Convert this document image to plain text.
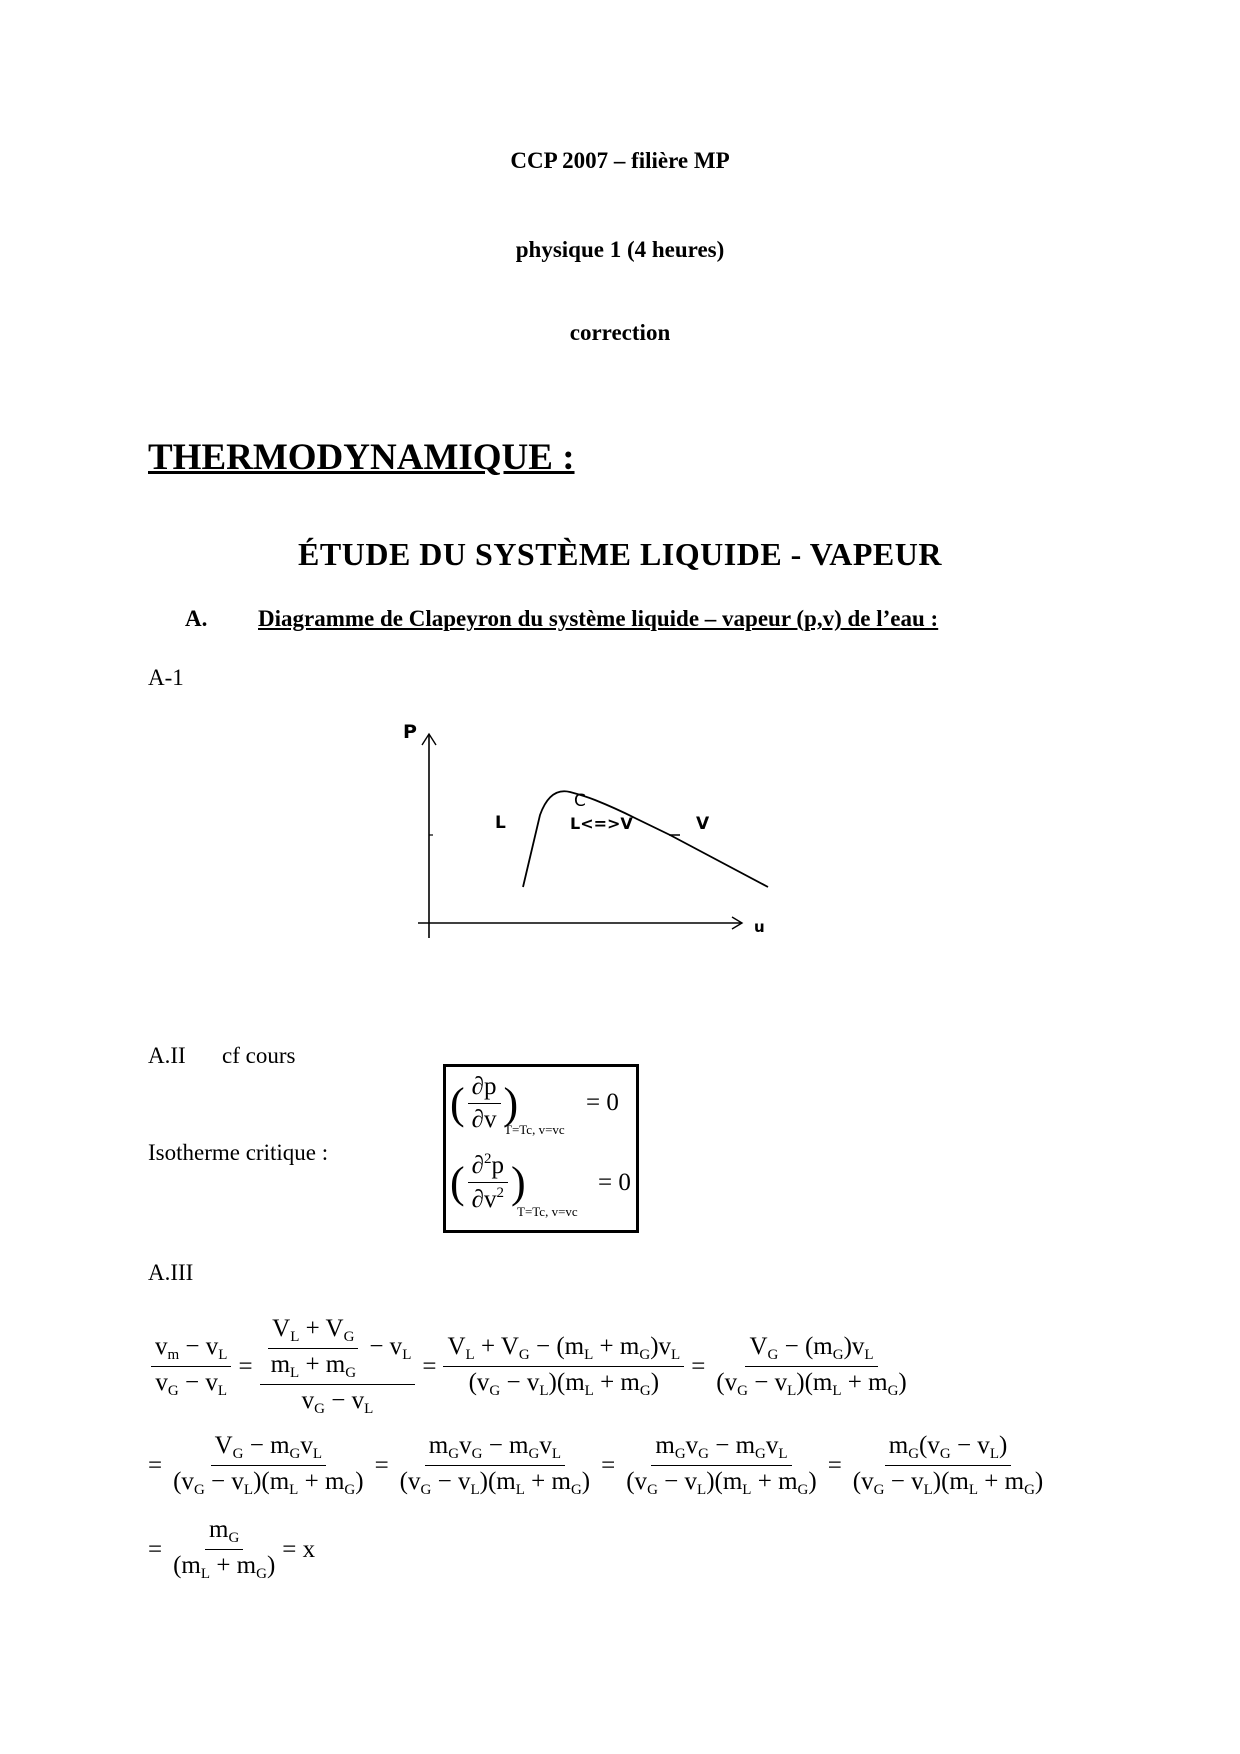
CCP 2007 – filière MP
physique 1 (4 heures)
correction
THERMODYNAMIQUE :
ÉTUDE DU SYSTÈME LIQUIDE - VAPEUR
A. Diagramme de Clapeyron du système liquide – vapeur (p,v) de l’eau :
A-1
P
u
L
C
L<=>V	V
A.II cf cours
Isotherme critique :
( $\frac{\partial p}{\partial v}$ )
T=Tc, v=vc
= 0
( $\frac{\partial^2p}{\partial v^2}$ )
T=Tc, v=vc
= 0
A.III
$\frac{v_m - v_L}{v_G - v_L} = \frac{\frac{V_L + V_G}{m_L + m_G} - v_L}{v_G - v_L} = \frac{V_L + V_G - (m_L + m_G)v_L}{(v_G - v_L)(m_L + m_G)} = \frac{V_G - (m_G)v_L}{(v_G - v_L)(m_L + m_G)}$
= $\frac{V_G - m_Gv_L}{(v_G - v_L)(m_L + m_G)} = \frac{m_Gv_G - m_Gv_L}{(v_G - v_L)(m_L + m_G)} = \frac{m_Gv_G - m_Gv_L}{(v_G - v_L)(m_L + m_G)} = \frac{m_G(v_G - v_L)}{(v_G - v_L)(m_L + m_G)}$
= $\frac{m_G}{(m_L + m_G)} = x$
